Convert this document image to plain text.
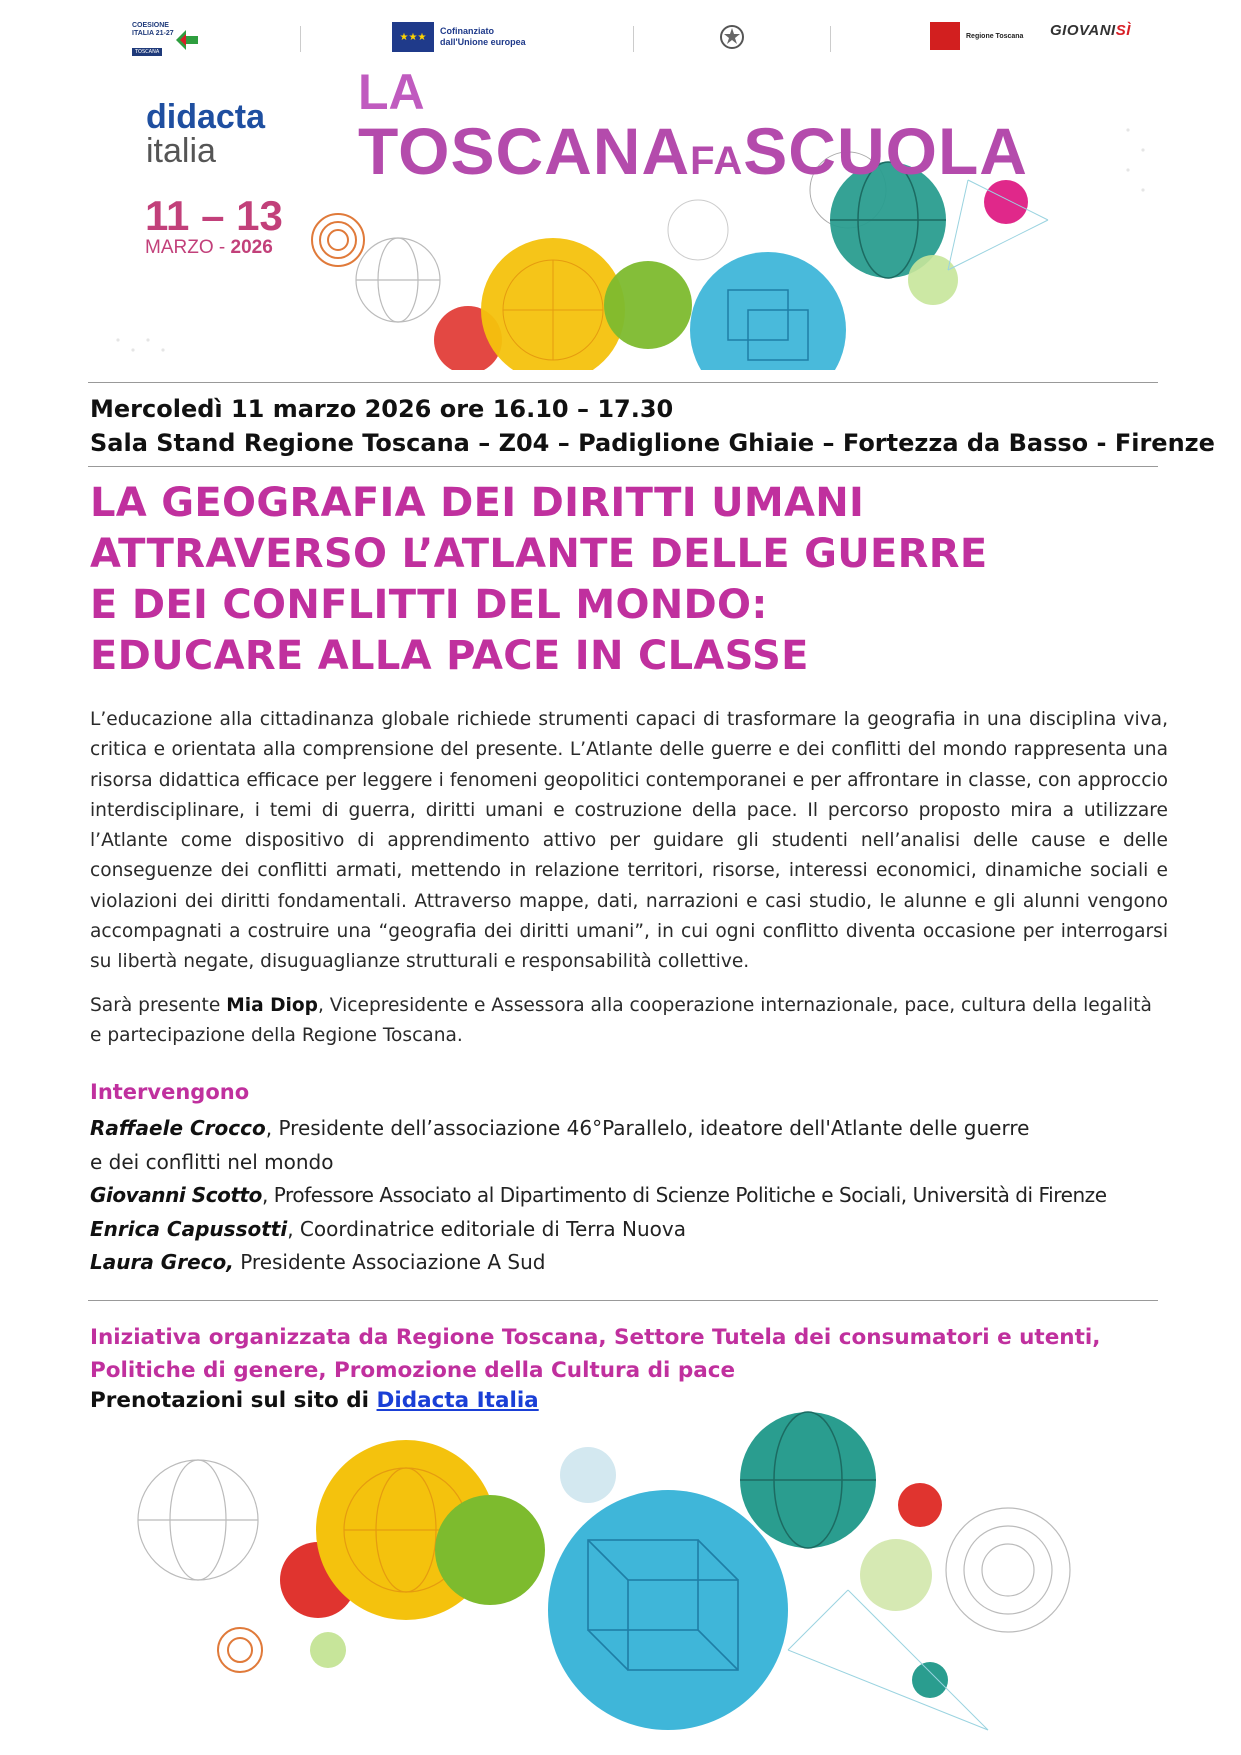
COESIONE
ITALIA 21-27
TOSCANA
★★★
Cofinanziato
dall'Unione europea
Regione Toscana GIOVANI SÌ
didacta
italia
11 – 13
MARZO - 2026
LA
TOSCANAFASCUOLA
Mercoledì 11 marzo 2026 ore 16.10 – 17.30
Sala Stand Regione Toscana – Z04 – Padiglione Ghiaie – Fortezza da Basso - Firenze
LA GEOGRAFIA DEI DIRITTI UMANI
ATTRAVERSO L’ATLANTE DELLE GUERRE
E DEI CONFLITTI DEL MONDO:
EDUCARE ALLA PACE IN CLASSE
L’educazione alla cittadinanza globale richiede strumenti capaci di trasformare la geografia in una disciplina viva, critica e orientata alla comprensione del presente. L’Atlante delle guerre e dei conflitti del mondo rappresenta una risorsa didattica efficace per leggere i fenomeni geopolitici contemporanei e per affrontare in classe, con approccio interdisciplinare, i temi di guerra, diritti umani e costruzione della pace. Il percorso proposto mira a utilizzare l’Atlante come dispositivo di apprendimento attivo per guidare gli studenti nell’analisi delle cause e delle conseguenze dei conflitti armati, mettendo in relazione territori, risorse, interessi economici, dinamiche sociali e violazioni dei diritti fondamentali. Attraverso mappe, dati, narrazioni e casi studio, le alunne e gli alunni vengono accompagnati a costruire una “geografia dei diritti umani”, in cui ogni conflitto diventa occasione per interrogarsi su libertà negate, disuguaglianze strutturali e responsabilità collettive.
Sarà presente Mia Diop, Vicepresidente e Assessora alla cooperazione internazionale, pace, cultura della legalità e partecipazione della Regione Toscana.
Intervengono
Raffaele Crocco, Presidente dell’associazione 46°Parallelo, ideatore dell'Atlante delle guerre
e dei conflitti nel mondo
Giovanni Scotto, Professore Associato al Dipartimento di Scienze Politiche e Sociali, Università di Firenze
Enrica Capussotti, Coordinatrice editoriale di Terra Nuova
Laura Greco, Presidente Associazione A Sud
Iniziativa organizzata da Regione Toscana, Settore Tutela dei consumatori e utenti, Politiche di genere, Promozione della Cultura di pace
Prenotazioni sul sito di Didacta Italia
